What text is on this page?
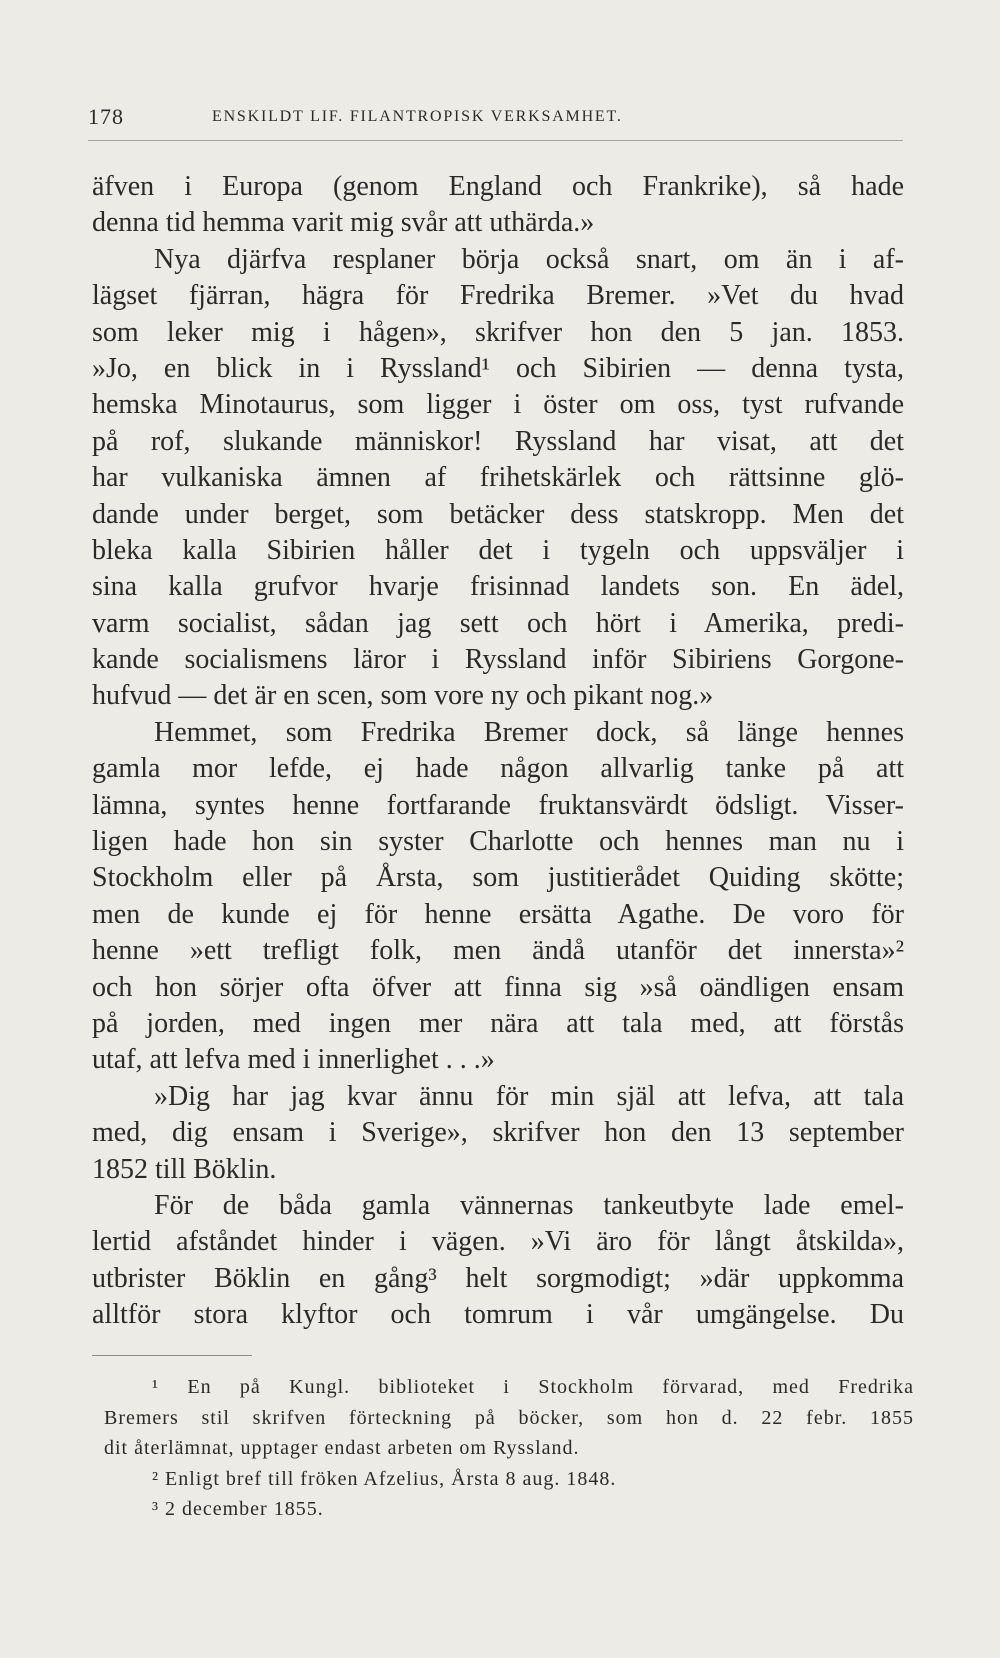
178	ENSKILDT LIF. FILANTROPISK VERKSAMHET.
äfven i Europa (genom England och Frankrike), så hade
denna tid hemma varit mig svår att uthärda.»
Nya djärfva resplaner börja också snart, om än i af-
lägset fjärran, hägra för Fredrika Bremer. »Vet du hvad
som leker mig i hågen», skrifver hon den 5 jan. 1853.
»Jo, en blick in i Ryssland¹ och Sibirien — denna tysta,
hemska Minotaurus, som ligger i öster om oss, tyst rufvande
på rof, slukande människor! Ryssland har visat, att det
har vulkaniska ämnen af frihetskärlek och rättsinne glö-
dande under berget, som betäcker dess statskropp. Men det
bleka kalla Sibirien håller det i tygeln och uppsväljer i
sina kalla grufvor hvarje frisinnad landets son. En ädel,
varm socialist, sådan jag sett och hört i Amerika, predi-
kande socialismens läror i Ryssland inför Sibiriens Gorgone-
hufvud — det är en scen, som vore ny och pikant nog.»
Hemmet, som Fredrika Bremer dock, så länge hennes
gamla mor lefde, ej hade någon allvarlig tanke på att
lämna, syntes henne fortfarande fruktansvärdt ödsligt. Visser-
ligen hade hon sin syster Charlotte och hennes man nu i
Stockholm eller på Årsta, som justitierådet Quiding skötte;
men de kunde ej för henne ersätta Agathe. De voro för
henne »ett trefligt folk, men ändå utanför det innersta»²
och hon sörjer ofta öfver att finna sig »så oändligen ensam
på jorden, med ingen mer nära att tala med, att förstås
utaf, att lefva med i innerlighet . . .»
»Dig har jag kvar ännu för min själ att lefva, att tala
med, dig ensam i Sverige», skrifver hon den 13 september
1852 till Böklin.
För de båda gamla vännernas tankeutbyte lade emel-
lertid afståndet hinder i vägen. »Vi äro för långt åtskilda»,
utbrister Böklin en gång³ helt sorgmodigt; »där uppkomma
alltför stora klyftor och tomrum i vår umgängelse. Du
¹ En på Kungl. biblioteket i Stockholm förvarad, med Fredrika
Bremers stil skrifven förteckning på böcker, som hon d. 22 febr. 1855
dit återlämnat, upptager endast arbeten om Ryssland.
² Enligt bref till fröken Afzelius, Årsta 8 aug. 1848.
³ 2 december 1855.
